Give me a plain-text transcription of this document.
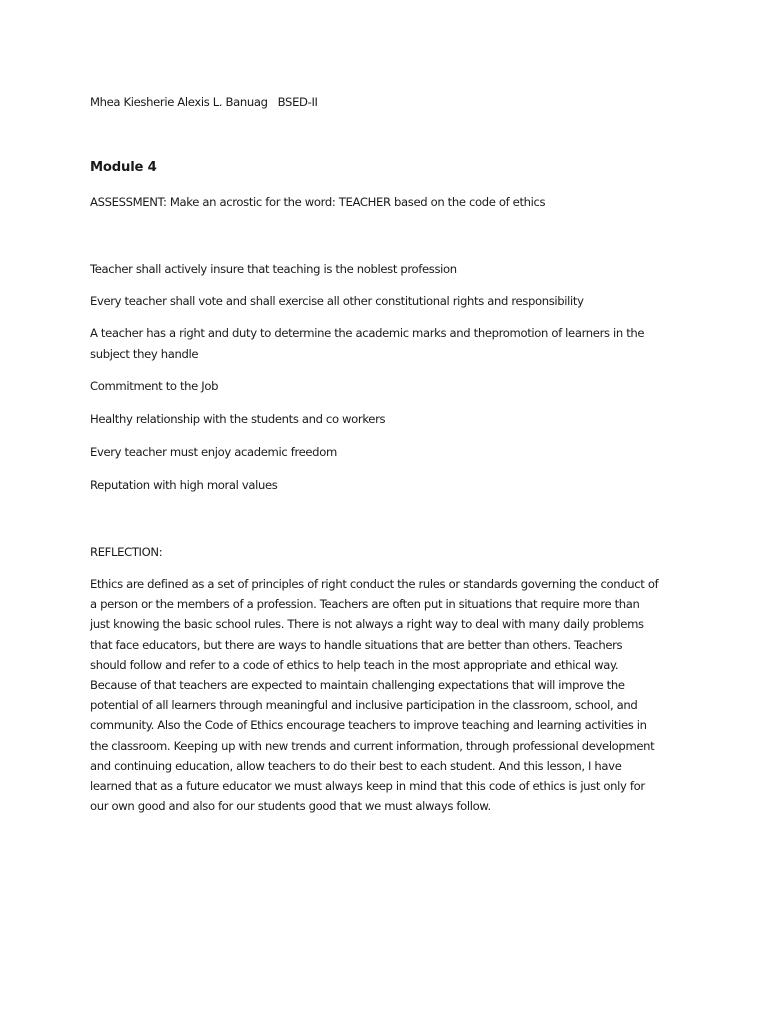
Mhea Kiesherie Alexis L. Banuag BSED-II
Module 4
ASSESSMENT: Make an acrostic for the word: TEACHER based on the code of ethics
Teacher shall actively insure that teaching is the noblest profession
Every teacher shall vote and shall exercise all other constitutional rights and responsibility
A teacher has a right and duty to determine the academic marks and thepromotion of learners in the
subject they handle
Commitment to the Job
Healthy relationship with the students and co workers
Every teacher must enjoy academic freedom
Reputation with high moral values
REFLECTION:
Ethics are defined as a set of principles of right conduct the rules or standards governing the conduct of
a person or the members of a profession. Teachers are often put in situations that require more than
just knowing the basic school rules. There is not always a right way to deal with many daily problems
that face educators, but there are ways to handle situations that are better than others. Teachers
should follow and refer to a code of ethics to help teach in the most appropriate and ethical way.
Because of that teachers are expected to maintain challenging expectations that will improve the
potential of all learners through meaningful and inclusive participation in the classroom, school, and
community. Also the Code of Ethics encourage teachers to improve teaching and learning activities in
the classroom. Keeping up with new trends and current information, through professional development
and continuing education, allow teachers to do their best to each student. And this lesson, I have
learned that as a future educator we must always keep in mind that this code of ethics is just only for
our own good and also for our students good that we must always follow.
